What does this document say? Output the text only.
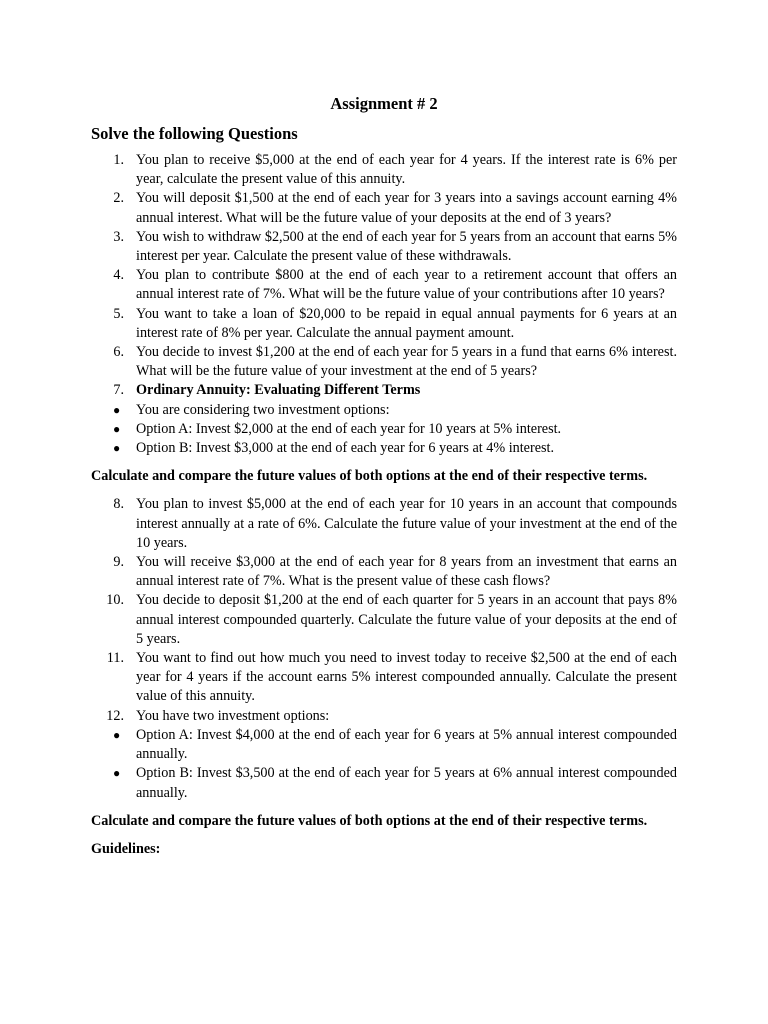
Assignment # 2
Solve the following Questions
1. You plan to receive $5,000 at the end of each year for 4 years. If the interest rate is 6% per year, calculate the present value of this annuity.
2. You will deposit $1,500 at the end of each year for 3 years into a savings account earning 4% annual interest. What will be the future value of your deposits at the end of 3 years?
3. You wish to withdraw $2,500 at the end of each year for 5 years from an account that earns 5% interest per year. Calculate the present value of these withdrawals.
4. You plan to contribute $800 at the end of each year to a retirement account that offers an annual interest rate of 7%. What will be the future value of your contributions after 10 years?
5. You want to take a loan of $20,000 to be repaid in equal annual payments for 6 years at an interest rate of 8% per year. Calculate the annual payment amount.
6. You decide to invest $1,200 at the end of each year for 5 years in a fund that earns 6% interest. What will be the future value of your investment at the end of 5 years?
7. Ordinary Annuity: Evaluating Different Terms
● You are considering two investment options:
● Option A: Invest $2,000 at the end of each year for 10 years at 5% interest.
● Option B: Invest $3,000 at the end of each year for 6 years at 4% interest.
Calculate and compare the future values of both options at the end of their respective terms.
8. You plan to invest $5,000 at the end of each year for 10 years in an account that compounds interest annually at a rate of 6%. Calculate the future value of your investment at the end of the 10 years.
9. You will receive $3,000 at the end of each year for 8 years from an investment that earns an annual interest rate of 7%. What is the present value of these cash flows?
10. You decide to deposit $1,200 at the end of each quarter for 5 years in an account that pays 8% annual interest compounded quarterly. Calculate the future value of your deposits at the end of 5 years.
11. You want to find out how much you need to invest today to receive $2,500 at the end of each year for 4 years if the account earns 5% interest compounded annually. Calculate the present value of this annuity.
12. You have two investment options:
● Option A: Invest $4,000 at the end of each year for 6 years at 5% annual interest compounded annually.
● Option B: Invest $3,500 at the end of each year for 5 years at 6% annual interest compounded annually.
Calculate and compare the future values of both options at the end of their respective terms.
Guidelines:
